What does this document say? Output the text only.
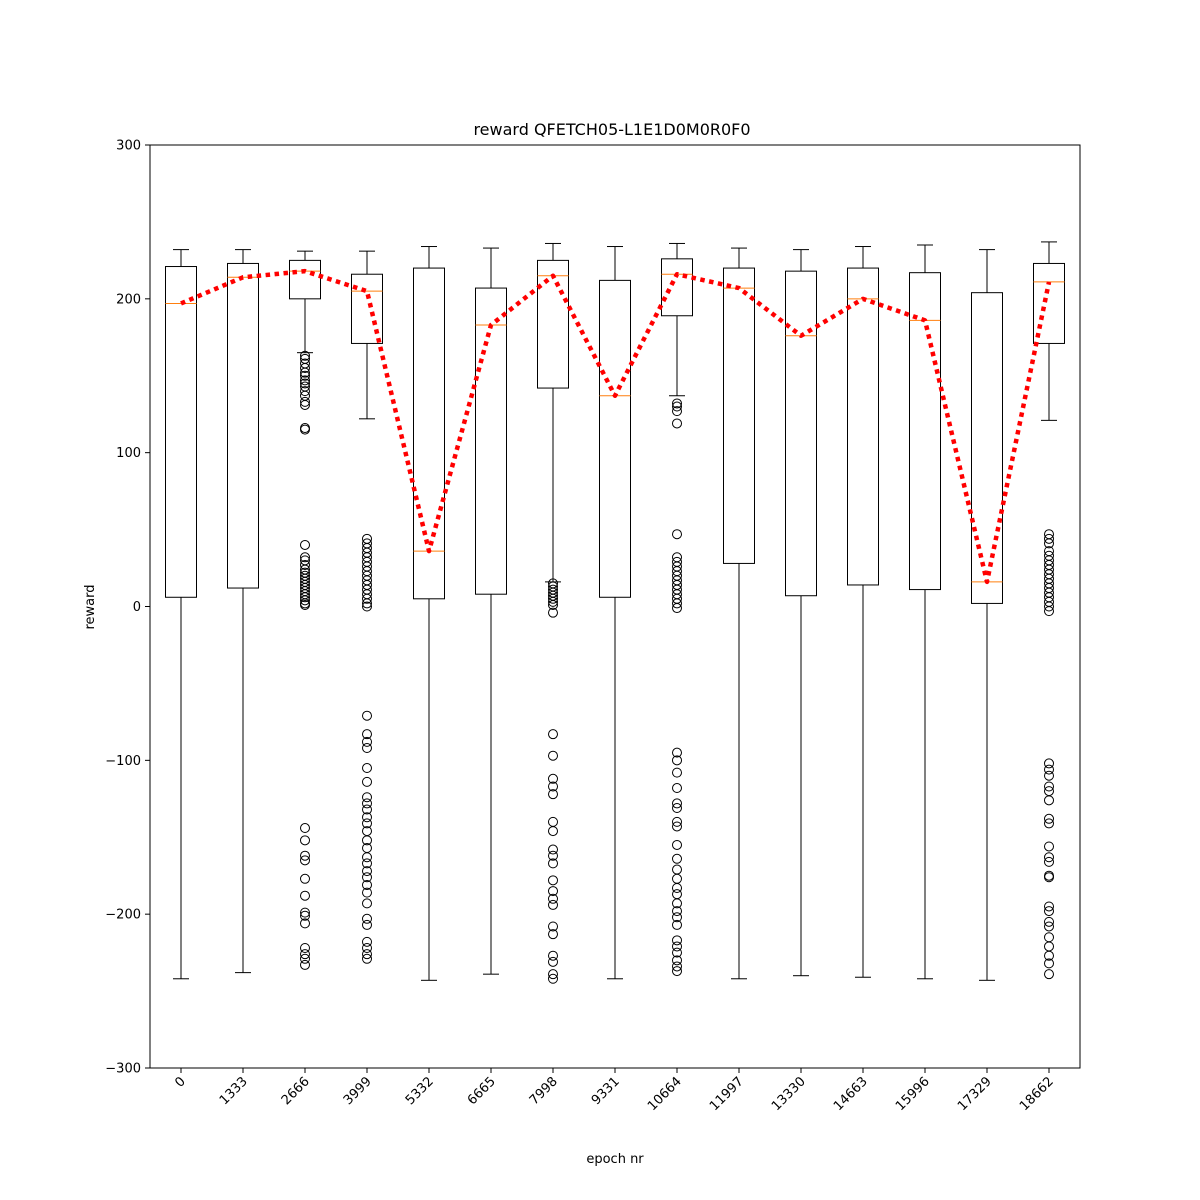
reward QFETCH05-L1E1D0M0R0F0
−300
−200
−100
0
100
200
300
0 1333 2666 3999 5332 6665 7998 9331 10664 11997 13330 14663 15996 17329 18662
epoch nr
reward
